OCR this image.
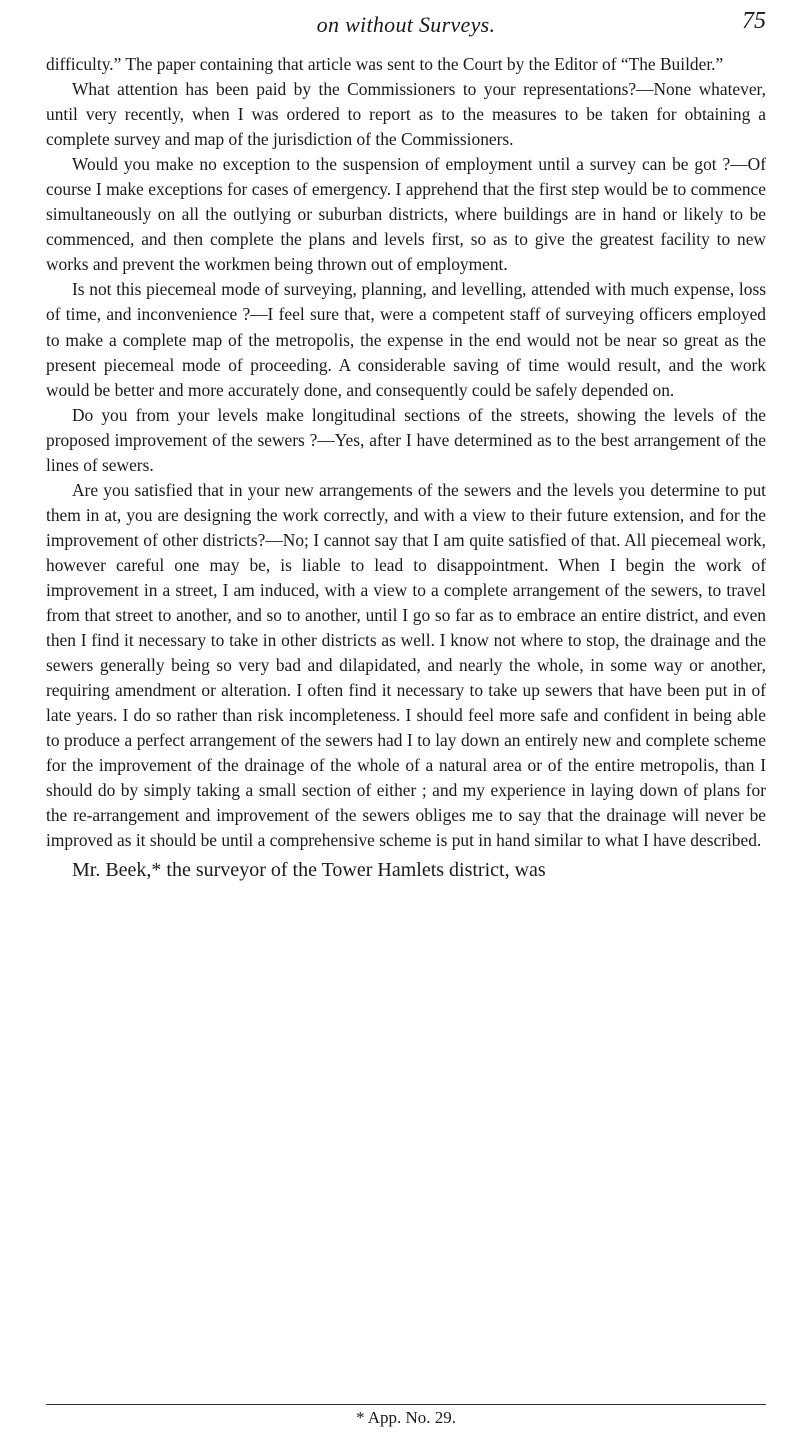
on without Surveys.	75

difficulty.” The paper containing that article was sent to the Court by the Editor of “The Builder.”

What attention has been paid by the Commissioners to your representations?—None whatever, until very recently, when I was ordered to report as to the measures to be taken for obtaining a complete survey and map of the jurisdiction of the Commissioners.

Would you make no exception to the suspension of employment until a survey can be got ?—Of course I make exceptions for cases of emergency. I apprehend that the first step would be to commence simultaneously on all the outlying or suburban districts, where buildings are in hand or likely to be commenced, and then complete the plans and levels first, so as to give the greatest facility to new works and prevent the workmen being thrown out of employment.

Is not this piecemeal mode of surveying, planning, and levelling, attended with much expense, loss of time, and inconvenience ?—I feel sure that, were a competent staff of surveying officers employed to make a complete map of the metropolis, the expense in the end would not be near so great as the present piecemeal mode of proceeding. A considerable saving of time would result, and the work would be better and more accurately done, and consequently could be safely depended on.

Do you from your levels make longitudinal sections of the streets, showing the levels of the proposed improvement of the sewers ?—Yes, after I have determined as to the best arrangement of the lines of sewers.

Are you satisfied that in your new arrangements of the sewers and the levels you determine to put them in at, you are designing the work correctly, and with a view to their future extension, and for the improvement of other districts?—No; I cannot say that I am quite satisfied of that. All piecemeal work, however careful one may be, is liable to lead to disappointment. When I begin the work of improvement in a street, I am induced, with a view to a complete arrangement of the sewers, to travel from that street to another, and so to another, until I go so far as to embrace an entire district, and even then I find it necessary to take in other districts as well. I know not where to stop, the drainage and the sewers generally being so very bad and dilapidated, and nearly the whole, in some way or another, requiring amendment or alteration. I often find it necessary to take up sewers that have been put in of late years. I do so rather than risk incompleteness. I should feel more safe and confident in being able to produce a perfect arrangement of the sewers had I to lay down an entirely new and complete scheme for the improvement of the drainage of the whole of a natural area or of the entire metropolis, than I should do by simply taking a small section of either ; and my experience in laying down of plans for the re-arrangement and improvement of the sewers obliges me to say that the drainage will never be improved as it should be until a comprehensive scheme is put in hand similar to what I have described.

Mr. Beek,* the surveyor of the Tower Hamlets district, was

* App. No. 29.
